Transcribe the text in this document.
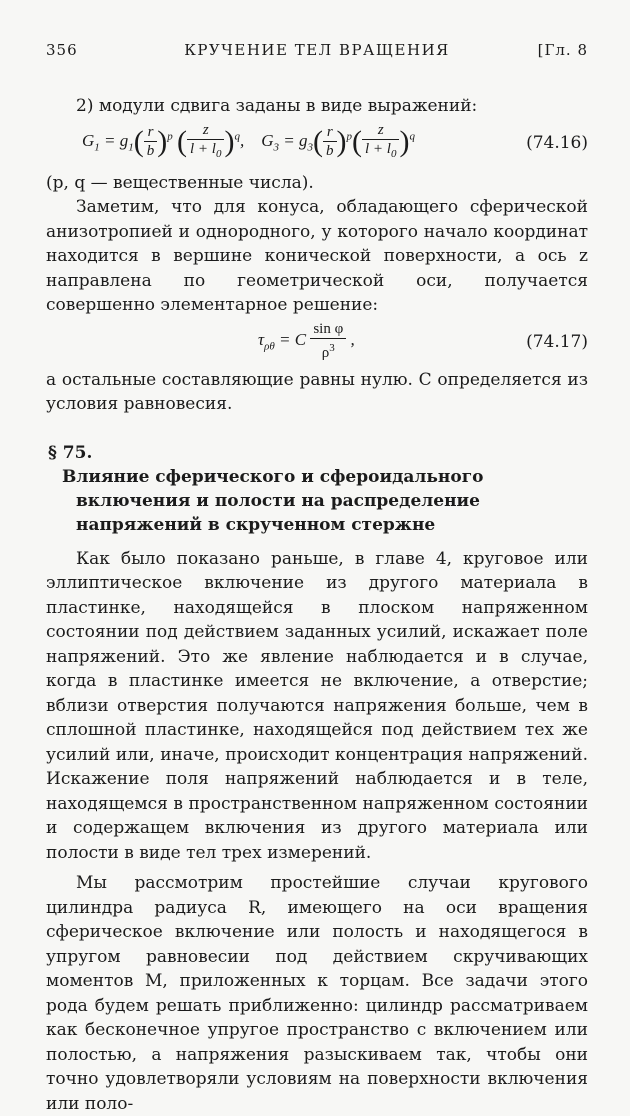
356	КРУЧЕНИЕ ТЕЛ ВРАЩЕНИЯ	[Гл. 8

2) модули сдвига заданы в виде выражений:

$G_1 = g_1( \frac{r}{b} )^p$ ( $\frac{z}{l + l_0} )^q$,    $G_3 = g_3( \frac{r}{b} )^p( \frac{z}{l + l_0} )^q$	(74.16)

(p, q — вещественные числа).

Заметим, что для конуса, обладающего сферической анизотропией и однородного, у которого начало координат находится в вершине конической поверхности, а ось z направлена по геометрической оси, получается совершенно элементарное решение:

$\tau_{\rho\theta} = C \frac{\text{sin φ}}{\rho^3}$ ,	(74.17)

а остальные составляющие равны нулю. C определяется из условия равновесия.

§ 75.
Влияние сферического и сфероидального
включения и полости на распределение
напряжений в скрученном стержне

Как было показано раньше, в главе 4, круговое или эллиптическое включение из другого материала в пластинке, находящейся в плоском напряженном состоянии под действием заданных усилий, искажает поле напряжений. Это же явление наблюдается и в случае, когда в пластинке имеется не включение, а отверстие; вблизи отверстия получаются напряжения больше, чем в сплошной пластинке, находящейся под действием тех же усилий или, иначе, происходит концентрация напряжений. Искажение поля напряжений наблюдается и в теле, находящемся в пространственном напряженном состоянии и содержащем включения из другого материала или полости в виде тел трех измерений.

Мы рассмотрим простейшие случаи кругового цилиндра радиуса R, имеющего на оси вращения сферическое включение или полость и находящегося в упругом равновесии под действием скручивающих моментов M, приложенных к торцам. Все задачи этого рода будем решать приближенно: цилиндр рассматриваем как бесконечное упругое пространство с включением или полостью, а напряжения разыскиваем так, чтобы они точно удовлетворяли условиям на поверхности включения или поло-
